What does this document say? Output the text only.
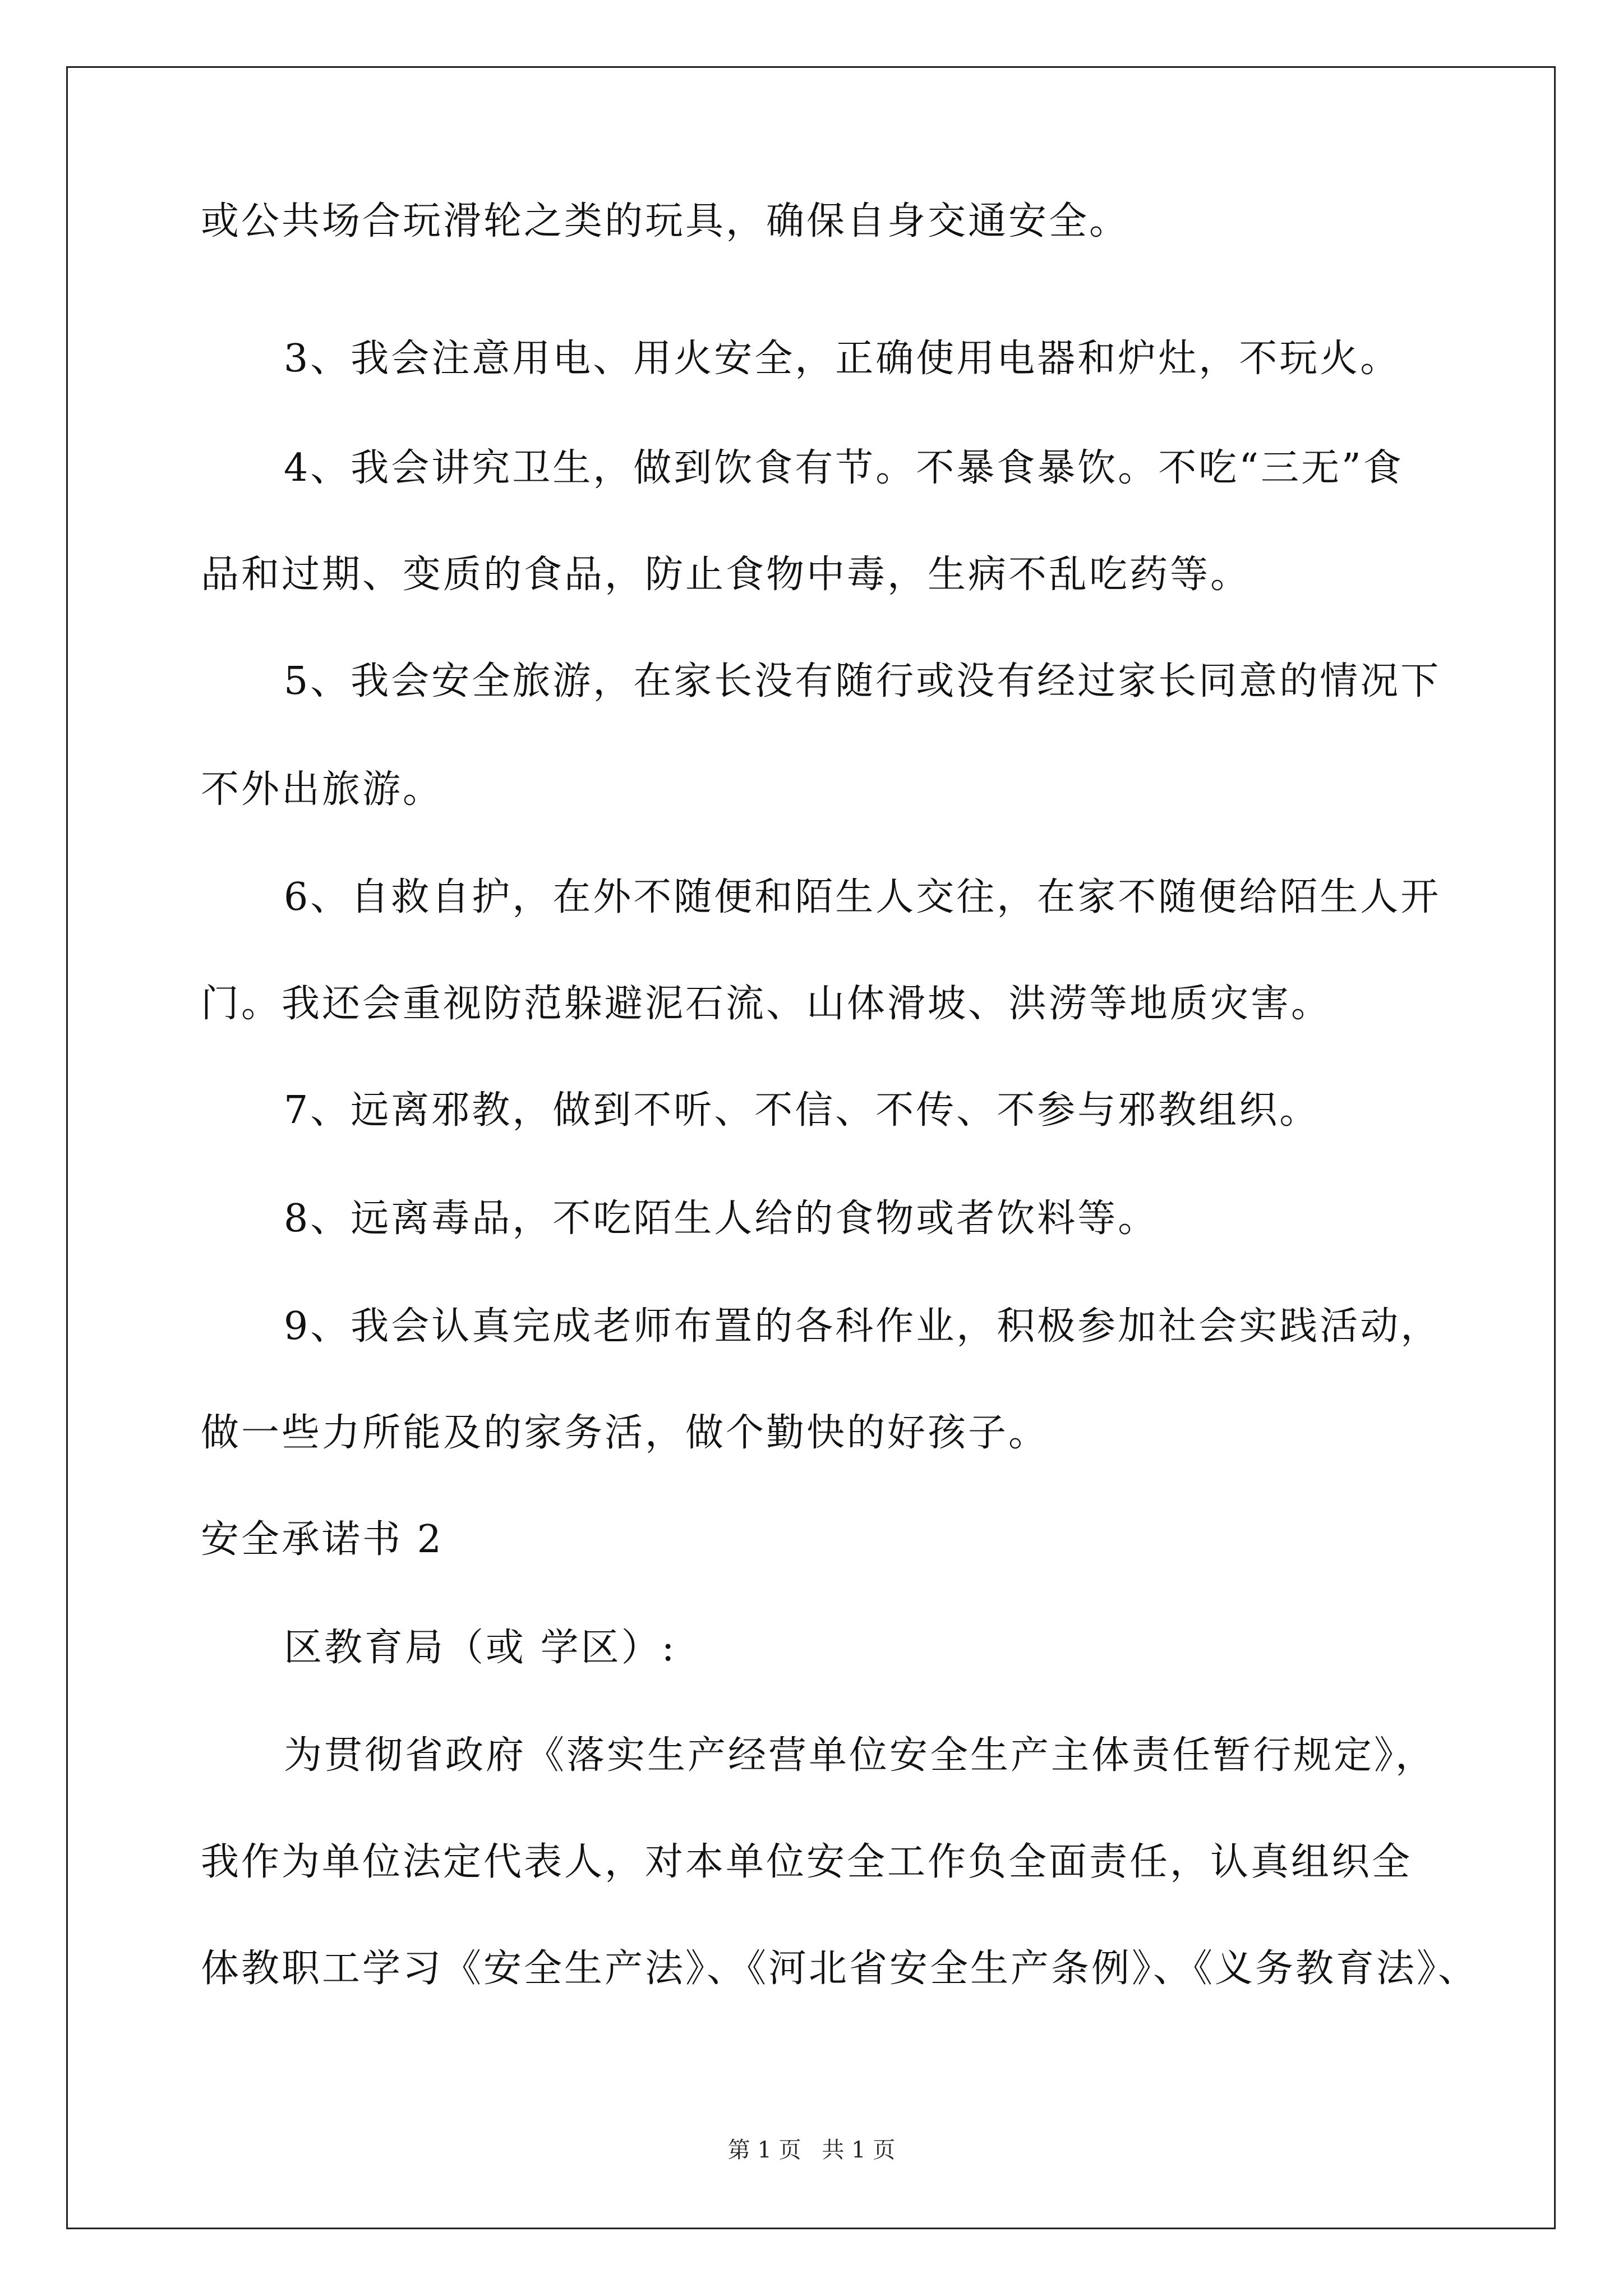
或公共场合玩滑轮之类的玩具，确保自身交通安全。
3、我会注意用电、用火安全，正确使用电器和炉灶，不玩火。
4、我会讲究卫生，做到饮食有节。不暴食暴饮。不吃“三无”食
品和过期、变质的食品，防止食物中毒，生病不乱吃药等。
5、我会安全旅游，在家长没有随行或没有经过家长同意的情况下
不外出旅游。
6、自救自护，在外不随便和陌生人交往，在家不随便给陌生人开
门。我还会重视防范躲避泥石流、山体滑坡、洪涝等地质灾害。
7、远离邪教，做到不听、不信、不传、不参与邪教组织。
8、远离毒品，不吃陌生人给的食物或者饮料等。
9、我会认真完成老师布置的各科作业，积极参加社会实践活动，
做一些力所能及的家务活，做个勤快的好孩子。
安全承诺书 2
区教育局（或 学区）:
为贯彻省政府《落实生产经营单位安全生产主体责任暂行规定》，
我作为单位法定代表人，对本单位安全工作负全面责任，认真组织全
体教职工学习《安全生产法》、《河北省安全生产条例》、《义务教育法》、
第 1 页 共 1 页
